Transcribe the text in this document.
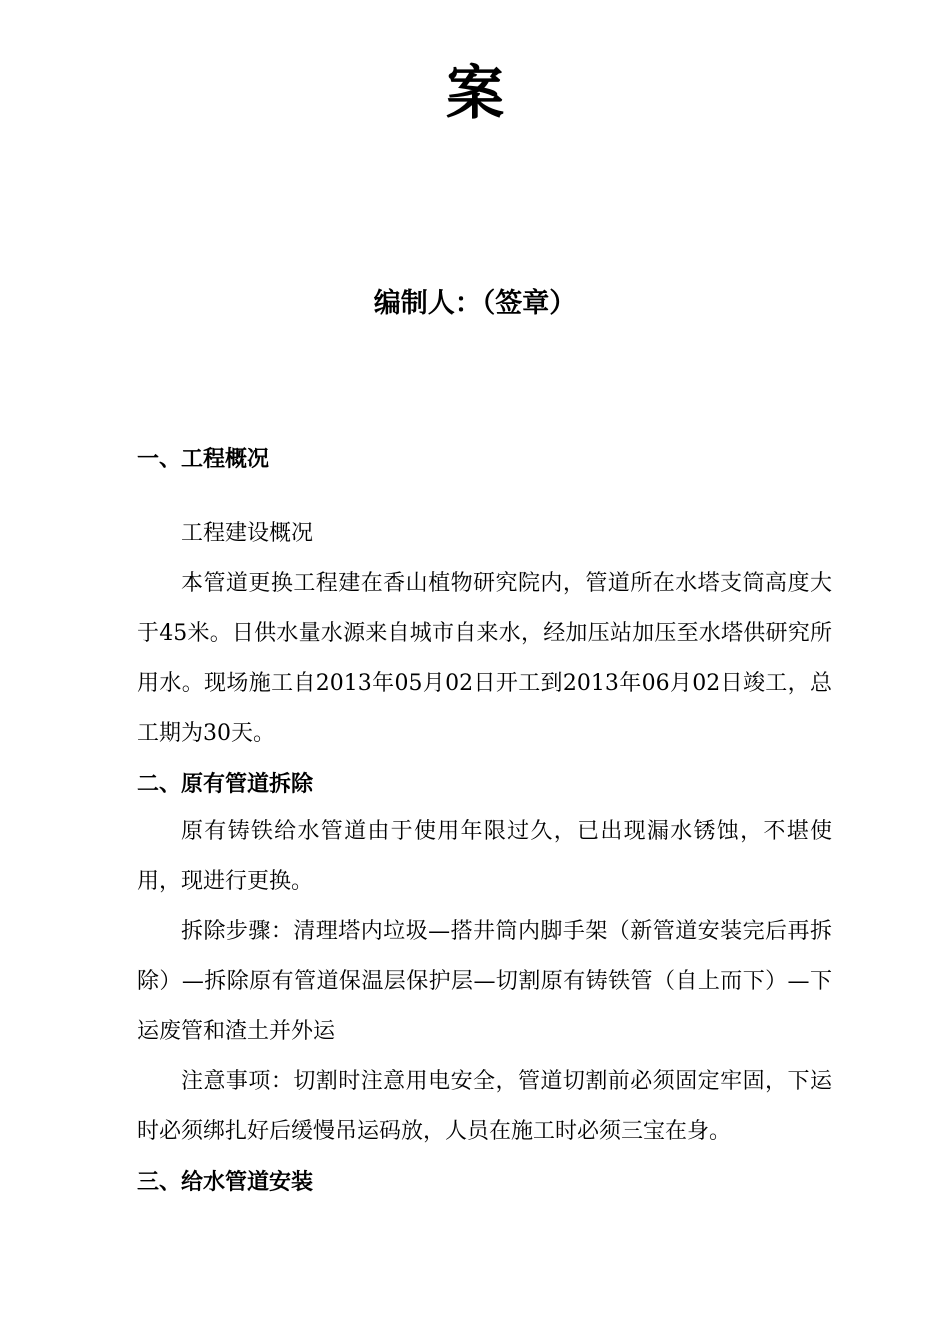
案
编制人：（签章）

一、工程概况

工程建设概况

本管道更换工程建在香山植物研究院内，管道所在水塔支筒高度大于45米。日供水量水源来自城市自来水，经加压站加压至水塔供研究所用水。现场施工自2013年05月02日开工到2013年06月02日竣工，总工期为30天。

二、原有管道拆除

原有铸铁给水管道由于使用年限过久，已出现漏水锈蚀，不堪使用，现进行更换。

拆除步骤：清理塔内垃圾—搭井筒内脚手架（新管道安装完后再拆除）—拆除原有管道保温层保护层—切割原有铸铁管（自上而下）—下运废管和渣土并外运

注意事项：切割时注意用电安全，管道切割前必须固定牢固，下运时必须绑扎好后缓慢吊运码放，人员在施工时必须三宝在身。

三、给水管道安装
